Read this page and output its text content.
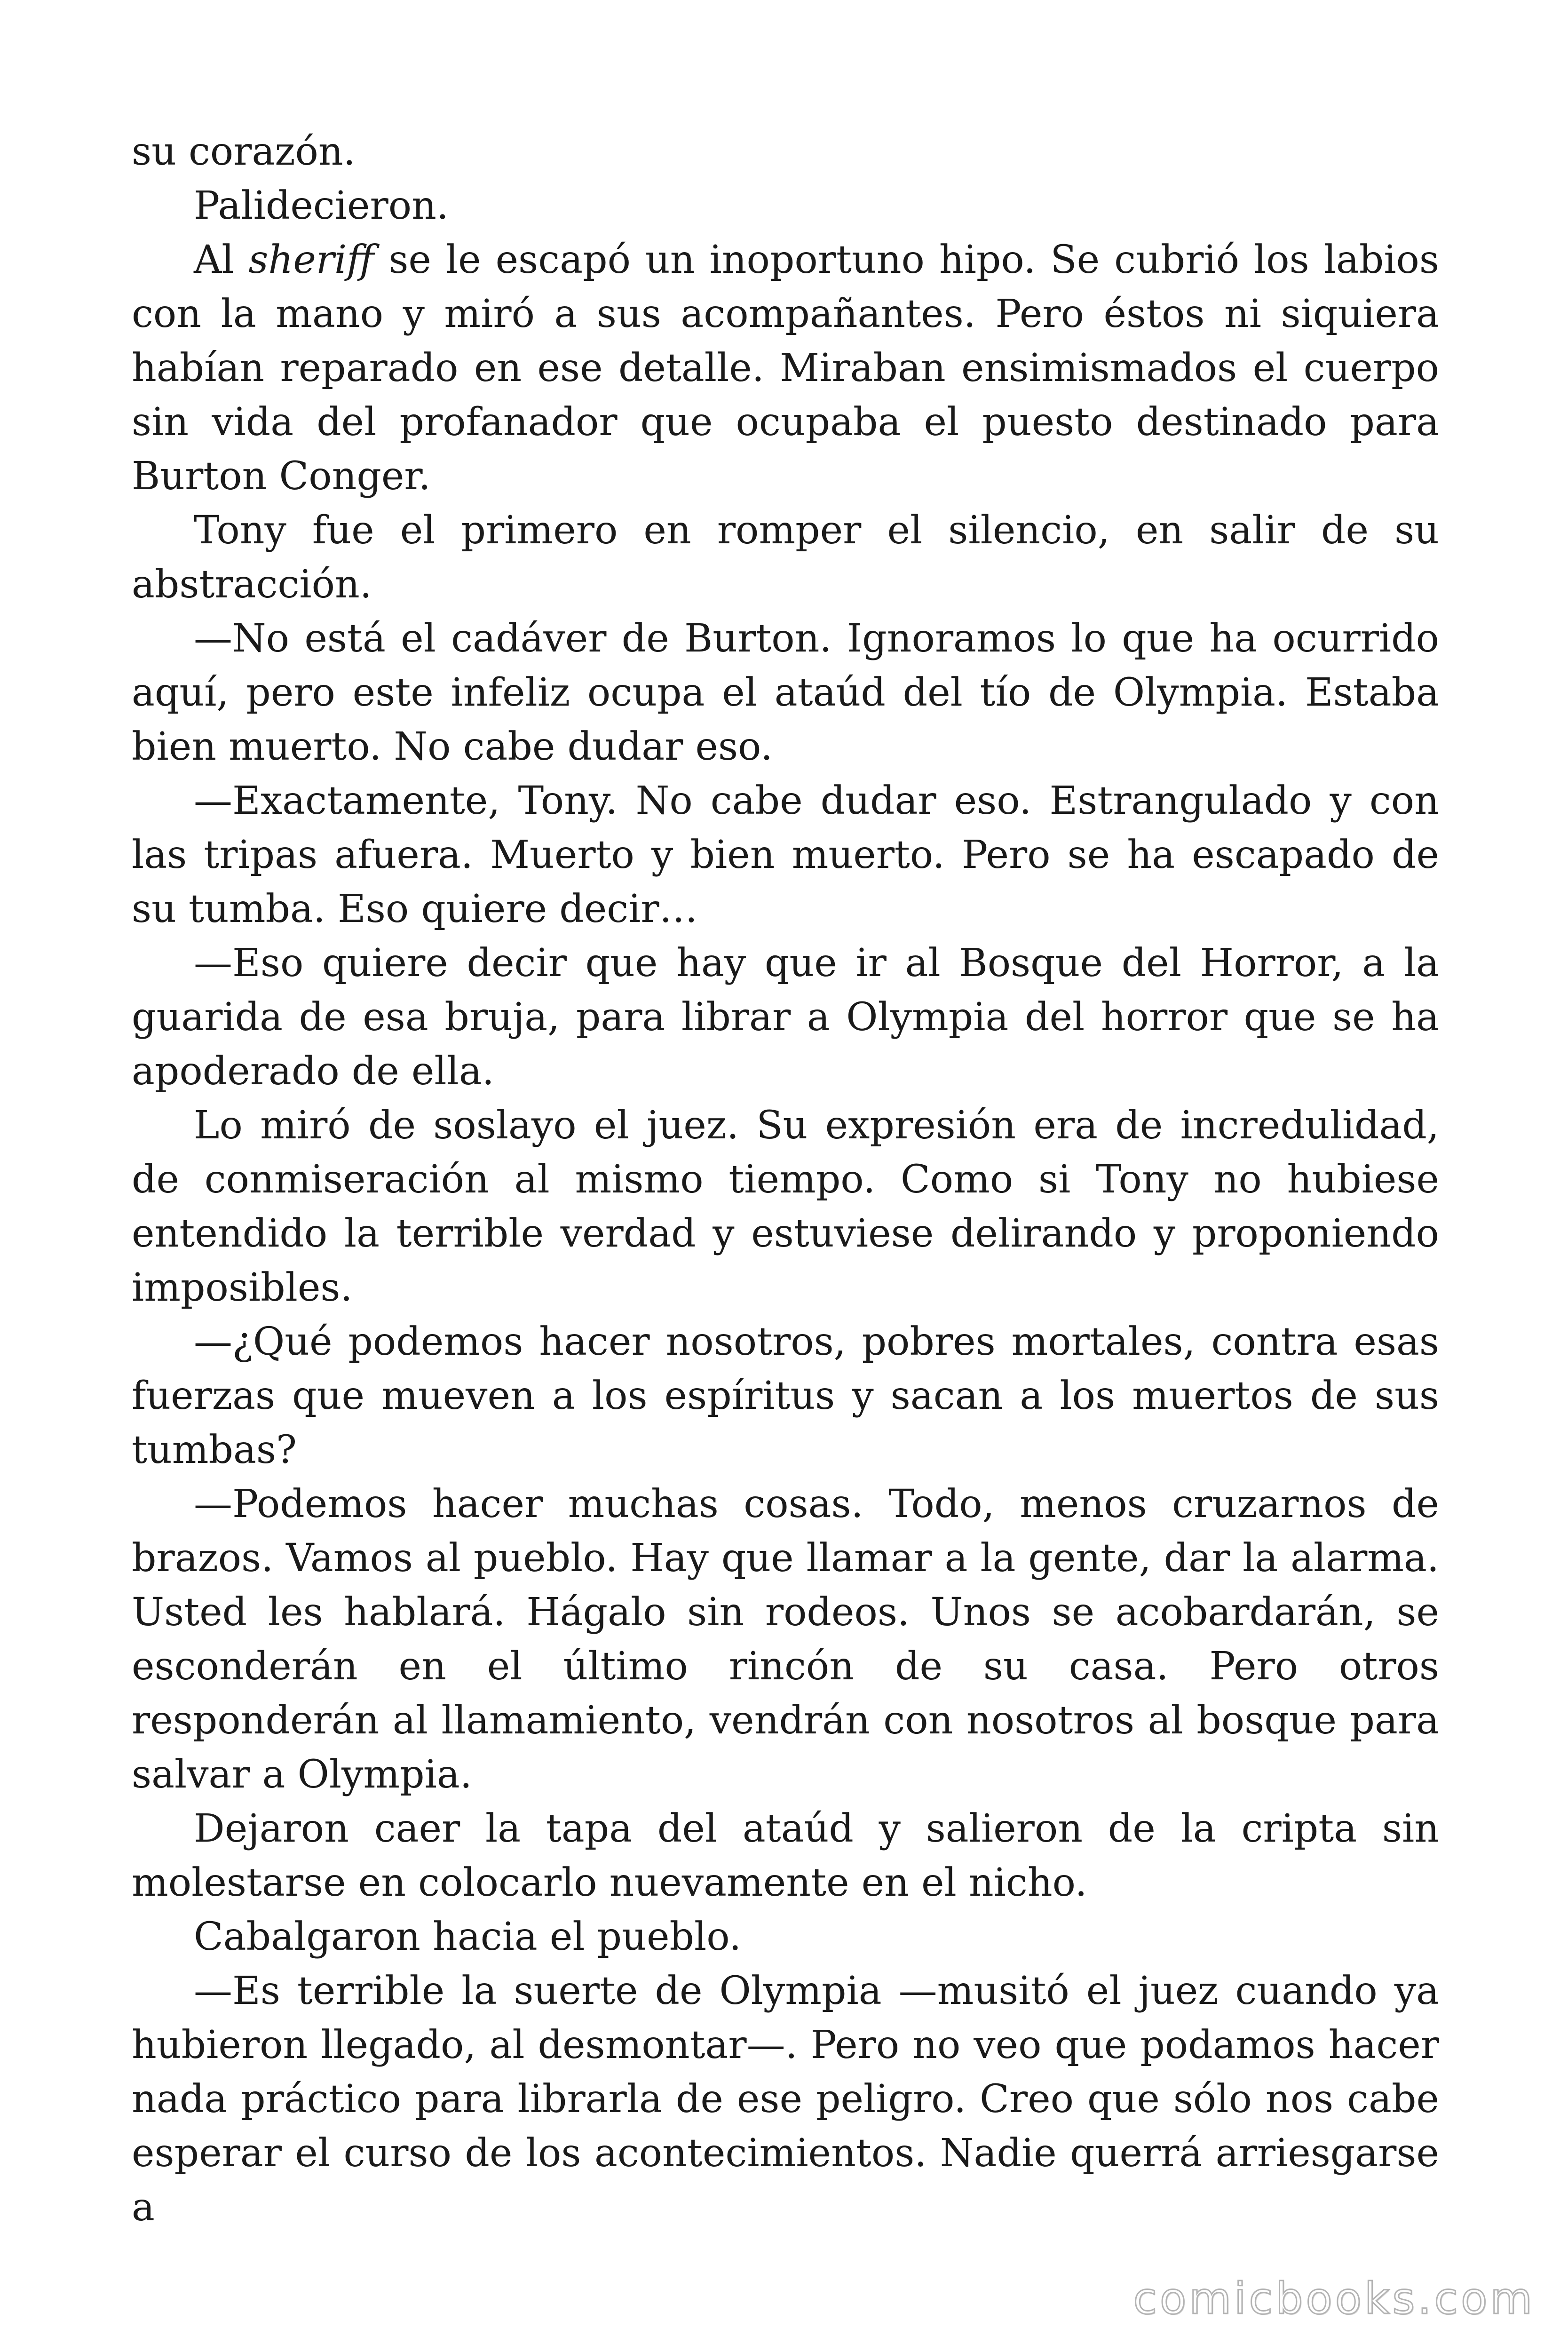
su corazón.

Palidecieron.

Al sheriff se le escapó un inoportuno hipo. Se cubrió los labios con la mano y miró a sus acompañantes. Pero éstos ni siquiera habían reparado en ese detalle. Miraban ensimismados el cuerpo sin vida del profanador que ocupaba el puesto destinado para Burton Conger.

Tony fue el primero en romper el silencio, en salir de su abstracción.

—No está el cadáver de Burton. Ignoramos lo que ha ocurrido aquí, pero este infeliz ocupa el ataúd del tío de Olympia. Estaba bien muerto. No cabe dudar eso.

—Exactamente, Tony. No cabe dudar eso. Estrangulado y con las tripas afuera. Muerto y bien muerto. Pero se ha escapado de su tumba. Eso quiere decir…

—Eso quiere decir que hay que ir al Bosque del Horror, a la guarida de esa bruja, para librar a Olympia del horror que se ha apoderado de ella.

Lo miró de soslayo el juez. Su expresión era de incredulidad, de conmiseración al mismo tiempo. Como si Tony no hubiese entendido la terrible verdad y estuviese delirando y proponiendo imposibles.

—¿Qué podemos hacer nosotros, pobres mortales, contra esas fuerzas que mueven a los espíritus y sacan a los muertos de sus tumbas?

—Podemos hacer muchas cosas. Todo, menos cruzarnos de brazos. Vamos al pueblo. Hay que llamar a la gente, dar la alarma. Usted les hablará. Hágalo sin rodeos. Unos se acobardarán, se esconderán en el último rincón de su casa. Pero otros responderán al llamamiento, vendrán con nosotros al bosque para salvar a Olympia.

Dejaron caer la tapa del ataúd y salieron de la cripta sin molestarse en colocarlo nuevamente en el nicho.

Cabalgaron hacia el pueblo.

—Es terrible la suerte de Olympia —musitó el juez cuando ya hubieron llegado, al desmontar—. Pero no veo que podamos hacer nada práctico para librarla de ese peligro. Creo que sólo nos cabe esperar el curso de los acontecimientos. Nadie querrá arriesgarse a

comicbooks.com
